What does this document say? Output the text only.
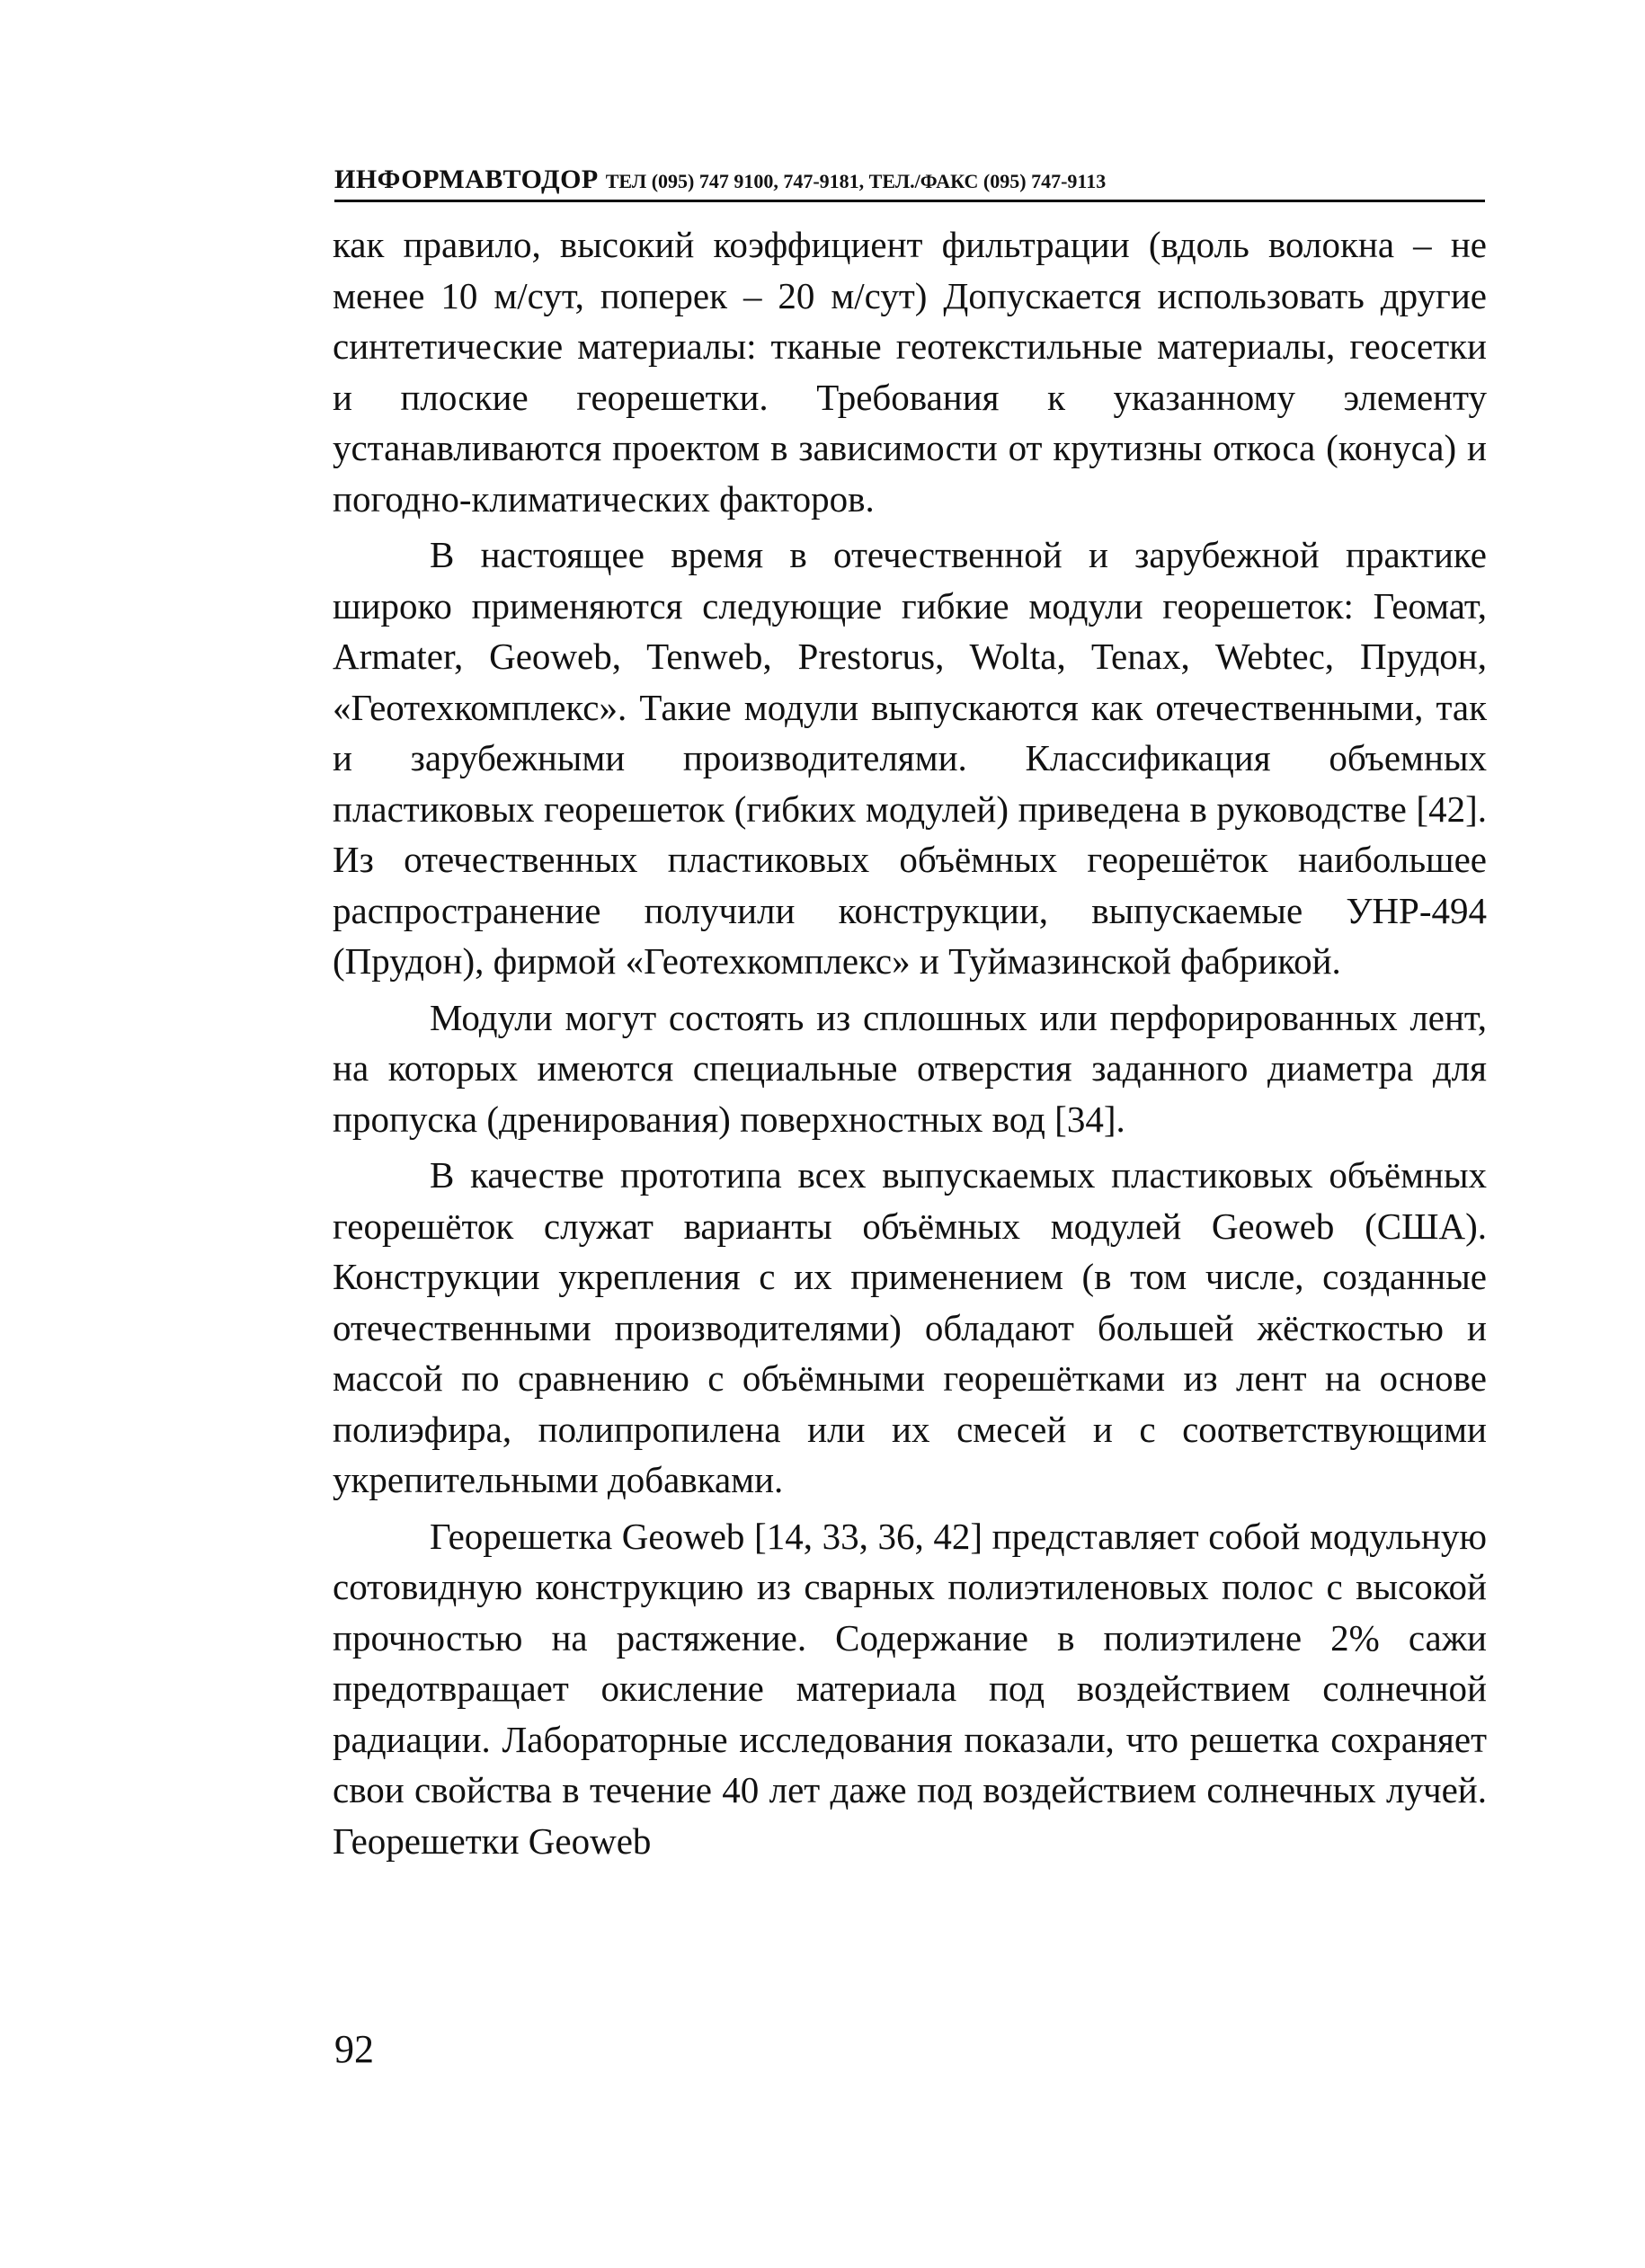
ИНФОРМАВТОДОР ТЕЛ (095) 747 9100, 747-9181, ТЕЛ./ФАКС (095) 747-9113

как правило, высокий коэффициент фильтрации (вдоль волокна – не менее 10 м/сут, поперек – 20 м/сут) Допускается использовать другие синтетические материалы: тканые геотекстильные материалы, геосетки и плоские георешетки. Требования к указанному элементу устанавливаются проектом в зависимости от крутизны откоса (конуса) и погодно-климатических факторов.

В настоящее время в отечественной и зарубежной практике широко применяются следующие гибкие модули георешеток: Геомат, Armater, Geoweb, Tenweb, Prestorus, Wolta, Tenax, Webtec, Прудон, «Геотехкомплекс». Такие модули выпускаются как отечественными, так и зарубежными производителями. Классификация объемных пластиковых георешеток (гибких модулей) приведена в руководстве [42]. Из отечественных пластиковых объёмных георешёток наибольшее распространение получили конструкции, выпускаемые УНР-494 (Прудон), фирмой «Геотехкомплекс» и Туймазинской фабрикой.

Модули могут состоять из сплошных или перфорированных лент, на которых имеются специальные отверстия заданного диаметра для пропуска (дренирования) поверхностных вод [34].

В качестве прототипа всех выпускаемых пластиковых объёмных георешёток служат варианты объёмных модулей Geoweb (США). Конструкции укрепления с их применением (в том числе, созданные отечественными производителями) обладают большей жёсткостью и массой по сравнению с объёмными георешётками из лент на основе полиэфира, полипропилена или их смесей и с соответствующими укрепительными добавками.

Георешетка Geoweb [14, 33, 36, 42] представляет собой модульную сотовидную конструкцию из сварных полиэтиленовых полос с высокой прочностью на растяжение. Содержание в полиэтилене 2% сажи предотвращает окисление материала под воздействием солнечной радиации. Лабораторные исследования показали, что решетка сохраняет свои свойства в течение 40 лет даже под воздействием солнечных лучей. Георешетки Geoweb

92
